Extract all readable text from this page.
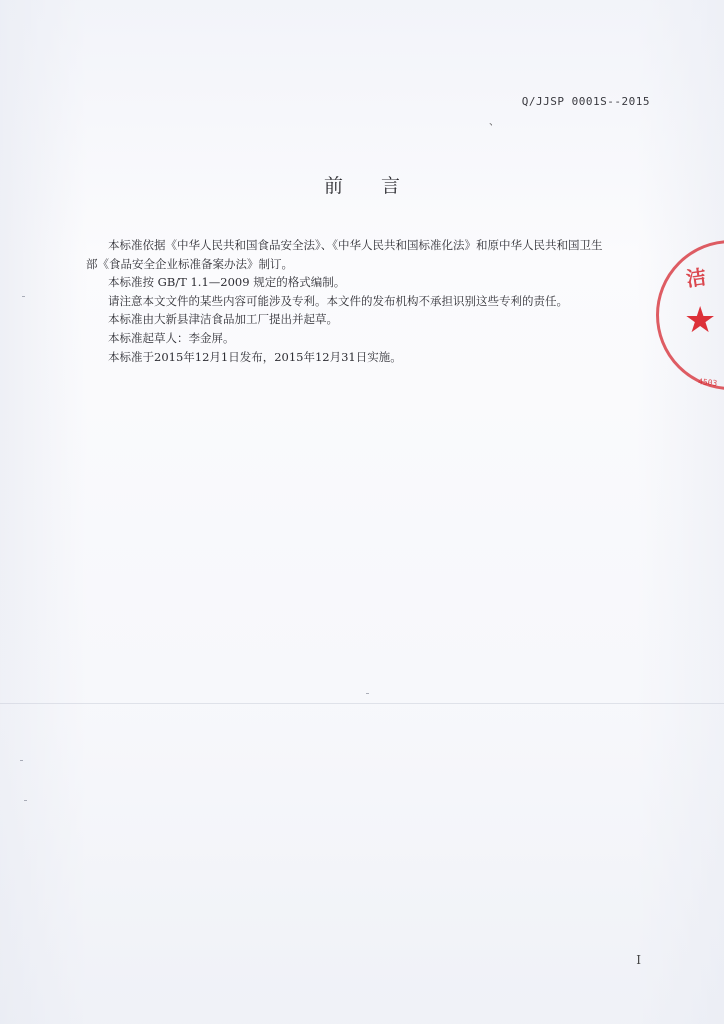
Q/JJSP 0001S--2015
、
前言

本标准依据《中华人民共和国食品安全法》、《中华人民共和国标准化法》和原中华人民共和国卫生

部《食品安全企业标准备案办法》制订。

本标准按 GB/T 1.1—2009 规定的格式编制。

请注意本文文件的某些内容可能涉及专利。本文件的发布机构不承担识别这些专利的责任。

本标准由大新县津洁食品加工厂提出并起草。

本标准起草人：李金屏。

本标准于2015年12月1日发布，2015年12月31日实施。

洁
★
4503
I
